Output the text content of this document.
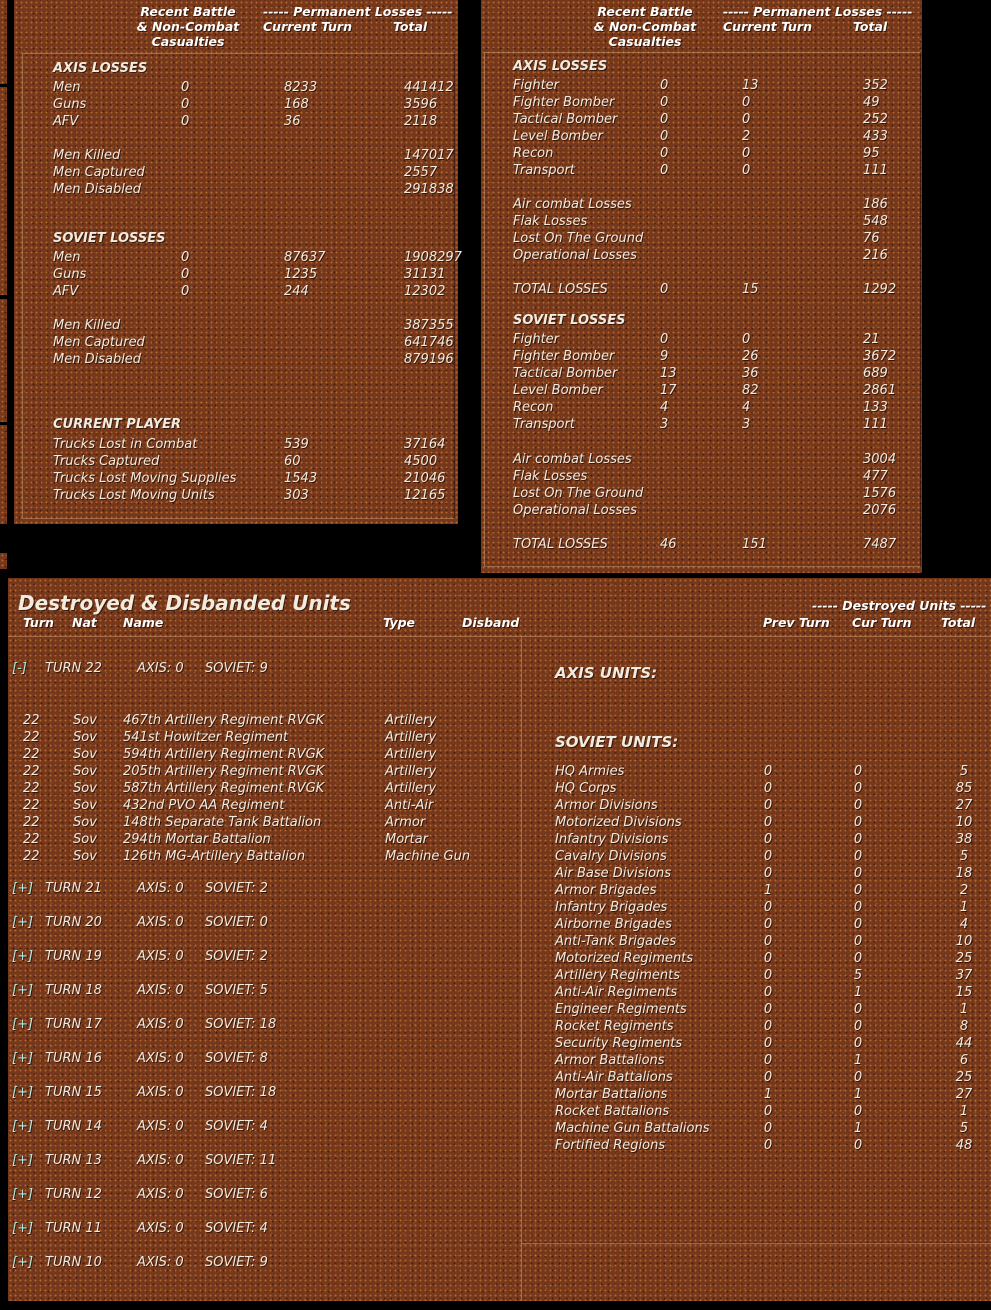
Recent Battle
& Non-Combat
Casualties
----- Permanent Losses -----
Current Turn	Total
AXIS LOSSES
Men	0	8233	441412
Guns	0	168	3596
AFV	0	36	2118
Men Killed	147017
Men Captured	2557
Men Disabled	291838
SOVIET LOSSES
Men	0	87637	1908297
Guns	0	1235	31131
AFV	0	244	12302
Men Killed	387355
Men Captured	641746
Men Disabled	879196
CURRENT PLAYER
Trucks Lost in Combat	539	37164
Trucks Captured	60	4500
Trucks Lost Moving Supplies	1543	21046
Trucks Lost Moving Units	303	12165
Recent Battle
& Non-Combat
Casualties
----- Permanent Losses -----
Current Turn	Total
AXIS LOSSES
Fighter	0	13	352
Fighter Bomber	0	0	49
Tactical Bomber	0	0	252
Level Bomber	0	2	433
Recon	0	0	95
Transport	0	0	111
Air combat Losses	186
Flak Losses	548
Lost On The Ground	76
Operational Losses	216
TOTAL LOSSES	0	15	1292
SOVIET LOSSES
Fighter	0	0	21
Fighter Bomber	9	26	3672
Tactical Bomber	13	36	689
Level Bomber	17	82	2861
Recon	4	4	133
Transport	3	3	111
Air combat Losses	3004
Flak Losses	477
Lost On The Ground	1576
Operational Losses	2076
TOTAL LOSSES	46	151	7487
Destroyed & Disbanded Units	----- Destroyed Units -----
Turn Nat Name	Type	Disband	Prev Turn Cur Turn Total
[-] TURN 22	AXIS: 0 SOVIET: 9
22	Sov 467th Artillery Regiment RVGK	Artillery
22	Sov 541st Howitzer Regiment	Artillery
22	Sov 594th Artillery Regiment RVGK	Artillery
22	Sov 205th Artillery Regiment RVGK	Artillery
22	Sov 587th Artillery Regiment RVGK	Artillery
22	Sov 432nd PVO AA Regiment	Anti-Air
22	Sov 148th Separate Tank Battalion	Armor
22	Sov 294th Mortar Battalion	Mortar
22	Sov 126th MG-Artillery Battalion	Machine Gun
[+] TURN 21	AXIS: 0 SOVIET: 2
[+] TURN 20	AXIS: 0 SOVIET: 0
[+] TURN 19	AXIS: 0 SOVIET: 2
[+] TURN 18	AXIS: 0 SOVIET: 5
[+] TURN 17	AXIS: 0 SOVIET: 18
[+] TURN 16	AXIS: 0 SOVIET: 8
[+] TURN 15	AXIS: 0 SOVIET: 18
[+] TURN 14	AXIS: 0 SOVIET: 4
[+] TURN 13	AXIS: 0 SOVIET: 11
[+] TURN 12	AXIS: 0 SOVIET: 6
[+] TURN 11	AXIS: 0 SOVIET: 4
[+] TURN 10	AXIS: 0 SOVIET: 9
AXIS UNITS:
SOVIET UNITS:
HQ Armies	0	0	5
HQ Corps	0	0	85
Armor Divisions	0	0	27
Motorized Divisions	0	0	10
Infantry Divisions	0	0	38
Cavalry Divisions	0	0	5
Air Base Divisions	0	0	18
Armor Brigades	1	0	2
Infantry Brigades	0	0	1
Airborne Brigades	0	0	4
Anti-Tank Brigades	0	0	10
Motorized Regiments	0	0	25
Artillery Regiments	0	5	37
Anti-Air Regiments	0	1	15
Engineer Regiments	0	0	1
Rocket Regiments	0	0	8
Security Regiments	0	0	44
Armor Battalions	0	1	6
Anti-Air Battalions	0	0	25
Mortar Battalions	1	1	27
Rocket Battalions	0	0	1
Machine Gun Battalions	0	1	5
Fortified Regions	0	0	48
